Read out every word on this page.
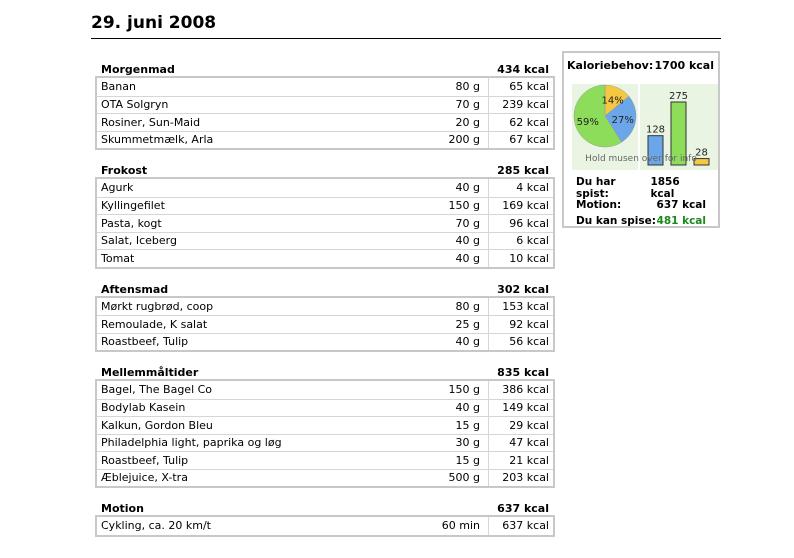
29. juni 2008
Morgenmad	434 kcal
Banan	80 g	65 kcal
OTA Solgryn	70 g	239 kcal
Rosiner, Sun-Maid	20 g	62 kcal
Skummetmælk, Arla	200 g	67 kcal
Frokost	285 kcal
Agurk	40 g	4 kcal
Kyllingefilet	150 g	169 kcal
Pasta, kogt	70 g	96 kcal
Salat, Iceberg	40 g	6 kcal
Tomat	40 g	10 kcal
Aftensmad	302 kcal
Mørkt rugbrød, coop	80 g	153 kcal
Remoulade, K salat	25 g	92 kcal
Roastbeef, Tulip	40 g	56 kcal
Mellemmåltider	835 kcal
Bagel, The Bagel Co	150 g	386 kcal
Bodylab Kasein	40 g	149 kcal
Kalkun, Gordon Bleu	15 g	29 kcal
Philadelphia light, paprika og løg	30 g	47 kcal
Roastbeef, Tulip	15 g	21 kcal
Æblejuice, X-tra	500 g	203 kcal
Motion	637 kcal
Cykling, ca. 20 km/t	60 min	637 kcal
Kaloriebehov: 1700 kcal
14%
27%
59%
128
275
28
Hold musen over for info
Du har spist:
1856 kcal
Motion:	637 kcal
Du kan spise: 481 kcal
